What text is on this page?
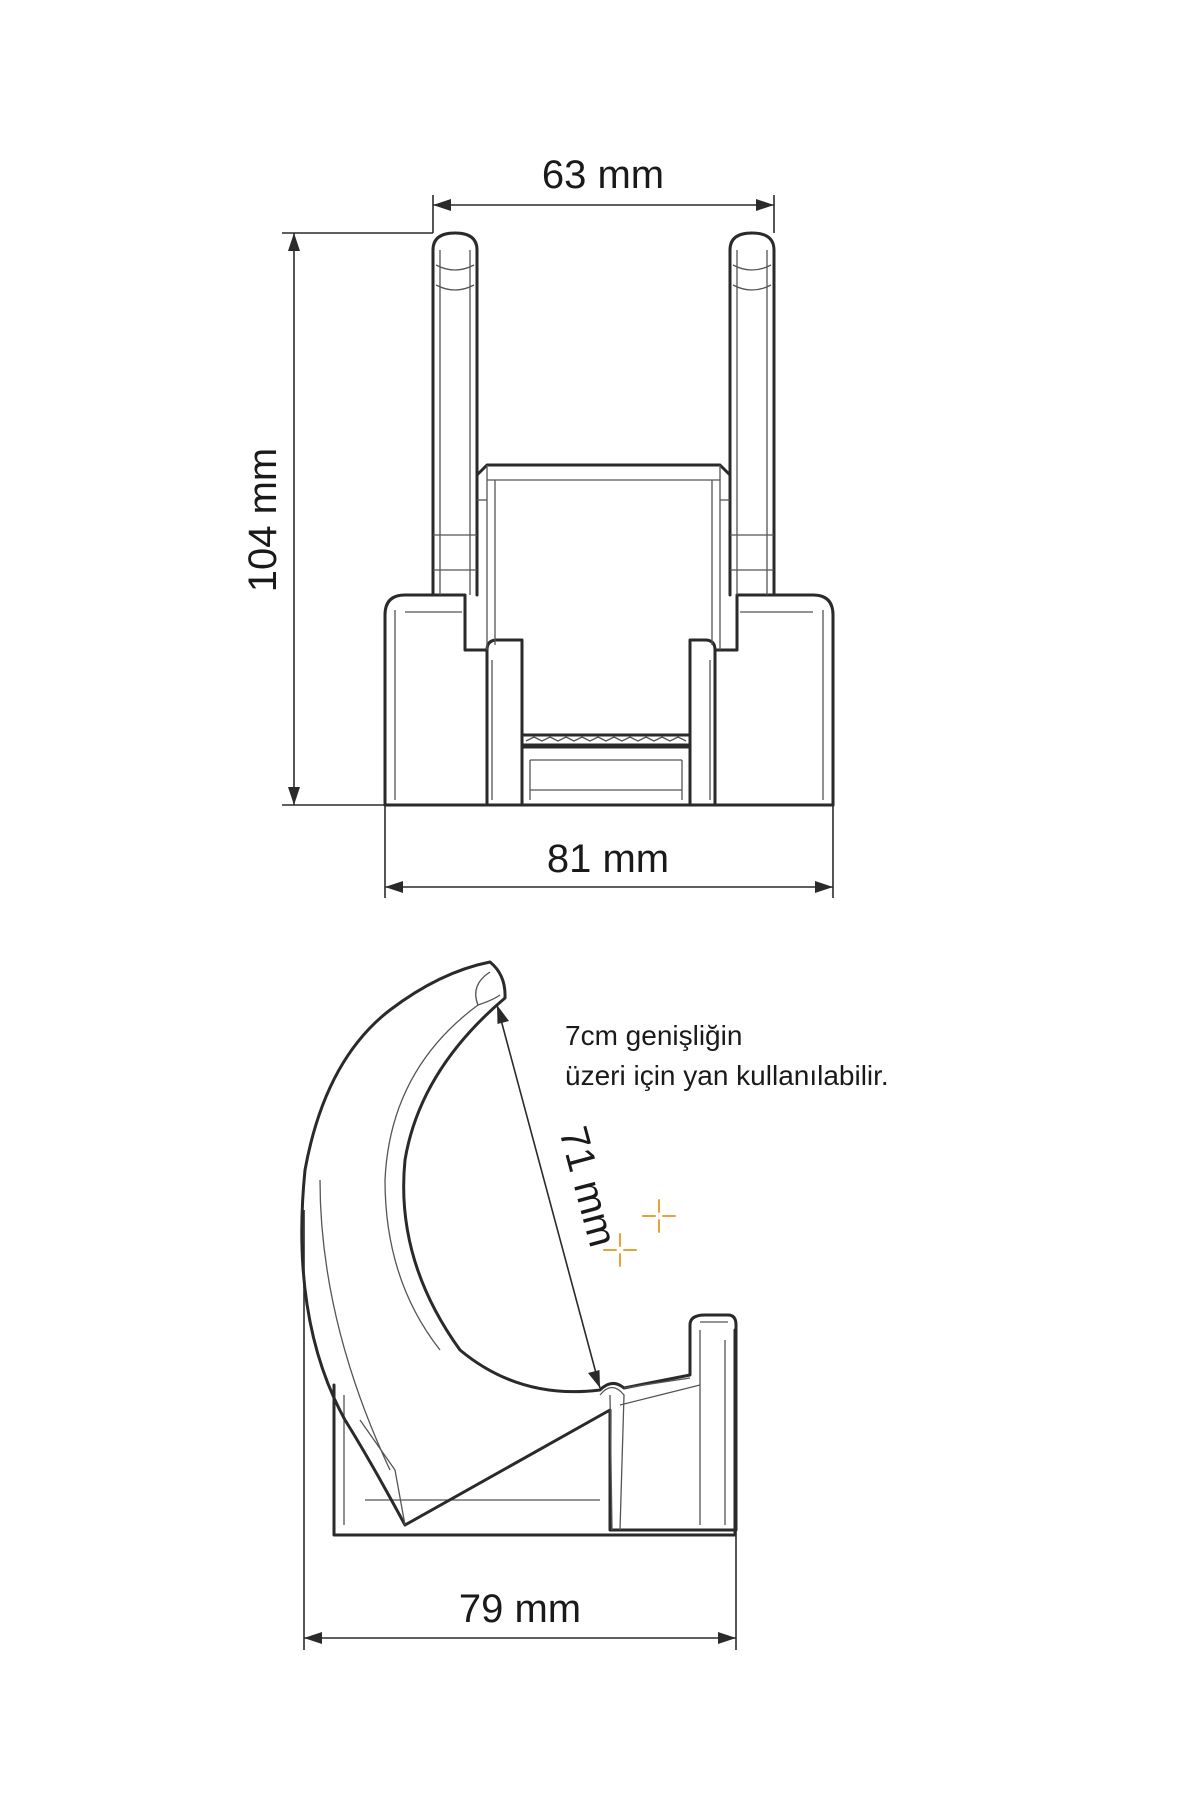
63 mm
104 mm
81 mm
71 mm
79 mm
7cm genişliğin
üzeri için yan kullanılabilir.
